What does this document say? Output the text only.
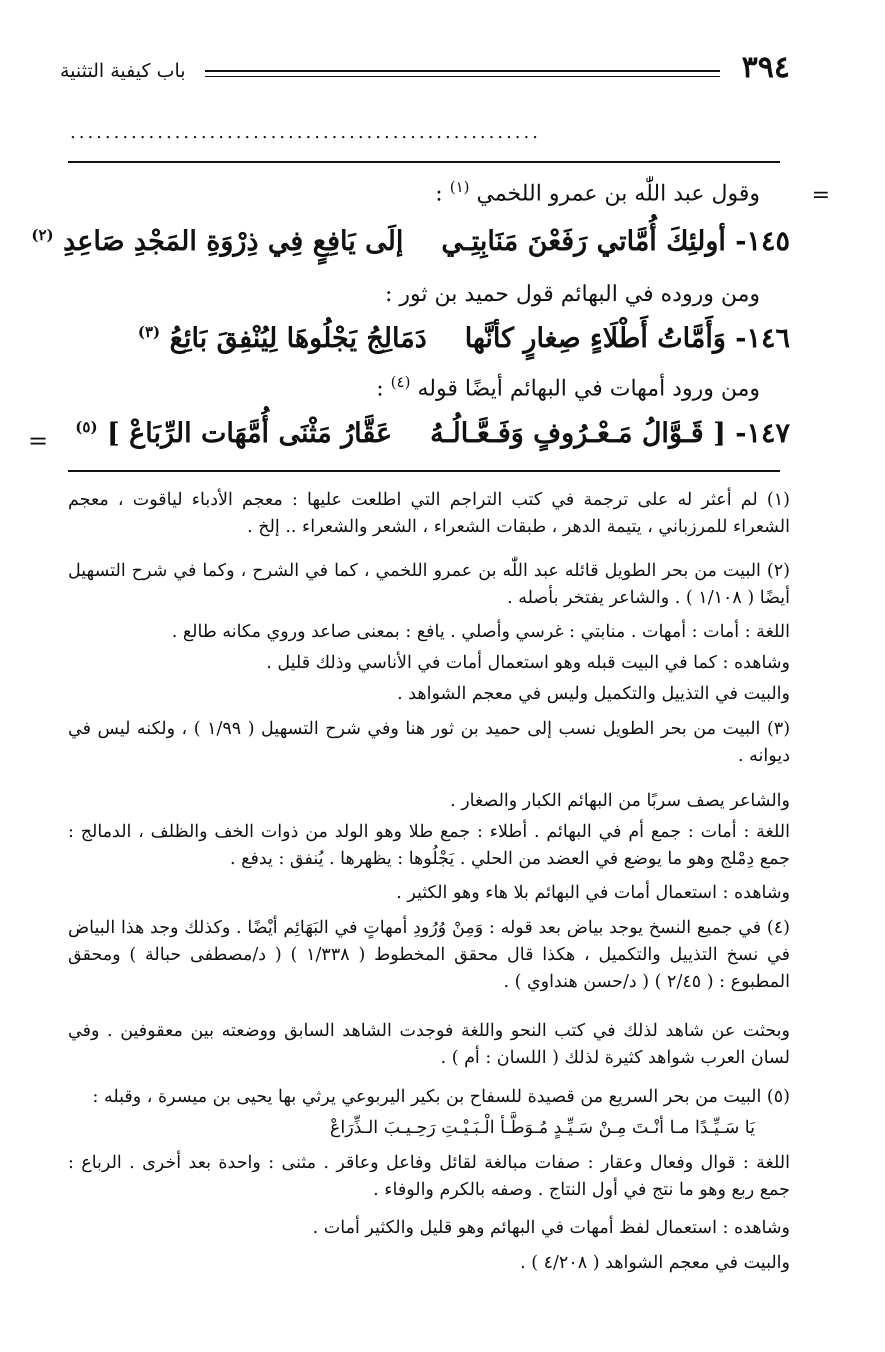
٣٩٤
باب كيفية التثنية
......................................................
=
=
وقول عبد اللّٰه بن عمرو اللخمي $^{(١)}$ :
١٤٥- أولئِكَ أُمَّاتي رَفَعْنَ مَنَابِتِـيإلَى يَافِعٍ فِي ذِرْوَةِ المَجْدِ صَاعِدِ $^{(٢)}$
ومن وروده في البهائم قول حميد بن ثور :
١٤٦- وَأَمَّاتُ أَطْلَاءٍ صِغارٍ كأنَّهادَمَالِجُ يَجْلُوهَا لِيُنْفِقَ بَائِعُ $^{(٣)}$
ومن ورود أمهات في البهائم أيضًا قوله $^{(٤)}$ :
١٤٧- [ قَـوَّالُ مَـعْـرُوفٍ وَفَـعَّـالُـهُعَقَّارُ مَثْنَى أُمَّهَات الرِّبَاعْ ] $^{(٥)}$
(١) لم أعثر له على ترجمة في كتب التراجم التي اطلعت عليها : معجم الأدباء لياقوت ، معجم الشعراء للمرزباني ، يتيمة الدهر ، طبقات الشعراء ، الشعر والشعراء .. إلخ .
(٢) البيت من بحر الطويل قائله عبد اللّٰه بن عمرو اللخمي ، كما في الشرح ، وكما في شرح التسهيل أيضًا ( ١/١٠٨ ) . والشاعر يفتخر بأصله .
اللغة : أمات : أمهات . منابتي : غرسي وأصلي . يافع : بمعنى صاعد وروي مكانه طالع .
وشاهده : كما في البيت قبله وهو استعمال أمات في الأناسي وذلك قليل .
والبيت في التذييل والتكميل وليس في معجم الشواهد .
(٣) البيت من بحر الطويل نسب إلى حميد بن ثور هنا وفي شرح التسهيل ( ١/٩٩ ) ، ولكنه ليس في ديوانه .
والشاعر يصف سربًا من البهائم الكبار والصغار .
اللغة : أمات : جمع أم في البهائم . أطلاء : جمع طلا وهو الولد من ذوات الخف والظلف ، الدمالج : جمع دِمْلج وهو ما يوضع في العضد من الحلي . يَجْلُوها : يظهرها . يُنفق : يدفع .
وشاهده : استعمال أمات في البهائم بلا هاء وهو الكثير .
(٤) في جميع النسخ يوجد بياض بعد قوله : وَمِنْ وُرُودِ أمهاتٍ في البَهَائِم أيْضًا . وكذلك وجد هذا البياض في نسخ التذييل والتكميل ، هكذا قال محقق المخطوط ( ١/٣٣٨ ) ( د/مصطفى حبالة ) ومحقق المطبوع : ( ٢/٤٥ ) ( د/حسن هنداوي ) .
وبحثت عن شاهد لذلك في كتب النحو واللغة فوجدت الشاهد السابق ووضعته بين معقوفين . وفي لسان العرب شواهد كثيرة لذلك ( اللسان : أم ) .
(٥) البيت من بحر السريع من قصيدة للسفاح بن بكير اليربوعي يرثي بها يحيى بن ميسرة ، وقبله :
يَا سَـيِّـدًا مـا أنْـتَ مِـنْ سَـيِّـدٍ مُـوَطَّـأ الْـبَـيْـتِ رَحِـيـبَ الـذِّرَاعْ
اللغة : قوال وفعال وعقار : صفات مبالغة لقائل وفاعل وعاقر . مثنى : واحدة بعد أخرى . الرباع : جمع ربع وهو ما نتج في أول النتاج . وصفه بالكرم والوفاء .
وشاهده : استعمال لفظ أمهات في البهائم وهو قليل والكثير أمات .
والبيت في معجم الشواهد ( ٤/٢٠٨ ) .
